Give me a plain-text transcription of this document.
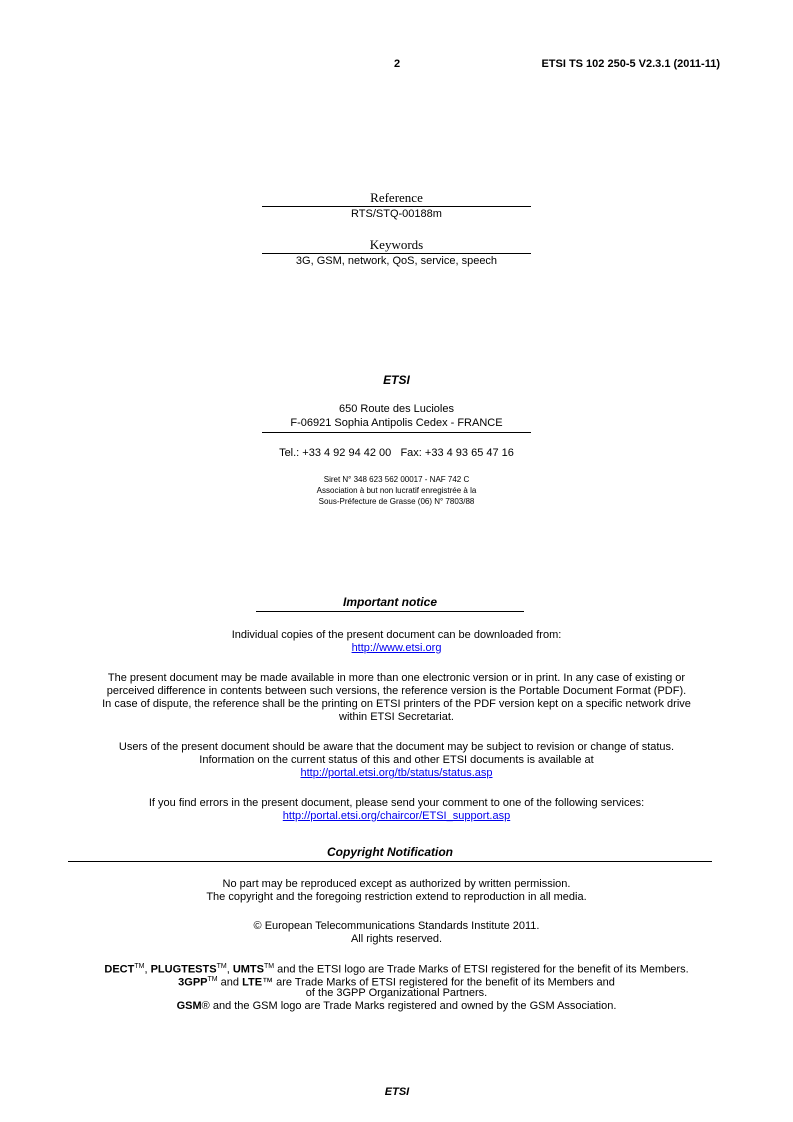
2	ETSI TS 102 250-5 V2.3.1 (2011-11)
Reference
RTS/STQ-00188m
Keywords
3G, GSM, network, QoS, service, speech
ETSI
650 Route des Lucioles
F-06921 Sophia Antipolis Cedex - FRANCE
Tel.: +33 4 92 94 42 00   Fax: +33 4 93 65 47 16
Siret N° 348 623 562 00017 - NAF 742 C
Association à but non lucratif enregistrée à la
Sous-Préfecture de Grasse (06) N° 7803/88
Important notice
Individual copies of the present document can be downloaded from:
http://www.etsi.org
The present document may be made available in more than one electronic version or in print. In any case of existing or
perceived difference in contents between such versions, the reference version is the Portable Document Format (PDF).
In case of dispute, the reference shall be the printing on ETSI printers of the PDF version kept on a specific network drive
within ETSI Secretariat.
Users of the present document should be aware that the document may be subject to revision or change of status.
Information on the current status of this and other ETSI documents is available at
http://portal.etsi.org/tb/status/status.asp
If you find errors in the present document, please send your comment to one of the following services:
http://portal.etsi.org/chaircor/ETSI_support.asp
Copyright Notification
No part may be reproduced except as authorized by written permission.
The copyright and the foregoing restriction extend to reproduction in all media.
© European Telecommunications Standards Institute 2011.
All rights reserved.
DECT™, PLUGTESTS™, UMTS™ and the ETSI logo are Trade Marks of ETSI registered for the benefit of its Members.
3GPP™ and LTE™ are Trade Marks of ETSI registered for the benefit of its Members and
of the 3GPP Organizational Partners.
GSM® and the GSM logo are Trade Marks registered and owned by the GSM Association.
ETSI
